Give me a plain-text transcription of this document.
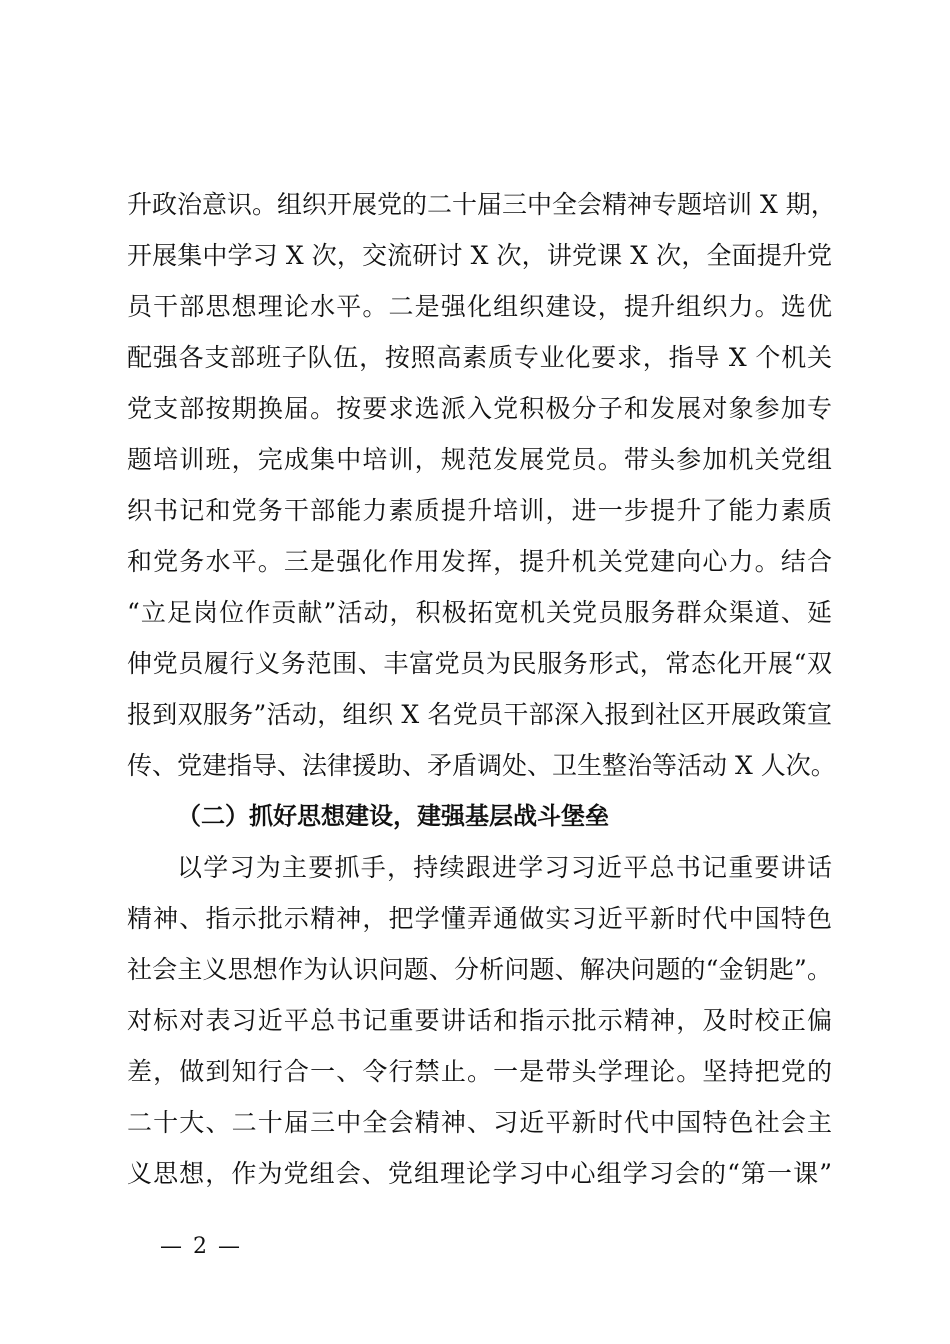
升政治意识。组织开展党的二十届三中全会精神专题培训 X 期，
开展集中学习 X 次，交流研讨 X 次，讲党课 X 次，全面提升党
员干部思想理论水平。二是强化组织建设，提升组织力。选优
配强各支部班子队伍，按照高素质专业化要求，指导 X 个机关
党支部按期换届。按要求选派入党积极分子和发展对象参加专
题培训班，完成集中培训，规范发展党员。带头参加机关党组
织书记和党务干部能力素质提升培训，进一步提升了能力素质
和党务水平。三是强化作用发挥，提升机关党建向心力。结合
“立足岗位作贡献”活动，积极拓宽机关党员服务群众渠道、延
伸党员履行义务范围、丰富党员为民服务形式，常态化开展“双
报到双服务”活动，组织 X 名党员干部深入报到社区开展政策宣
传、党建指导、法律援助、矛盾调处、卫生整治等活动 X 人次。
（二）抓好思想建设，建强基层战斗堡垒
以学习为主要抓手，持续跟进学习习近平总书记重要讲话
精神、指示批示精神，把学懂弄通做实习近平新时代中国特色
社会主义思想作为认识问题、分析问题、解决问题的“金钥匙”。
对标对表习近平总书记重要讲话和指示批示精神，及时校正偏
差，做到知行合一、令行禁止。一是带头学理论。坚持把党的
二十大、二十届三中全会精神、习近平新时代中国特色社会主
义思想，作为党组会、党组理论学习中心组学习会的“第一课”
— 2 —
